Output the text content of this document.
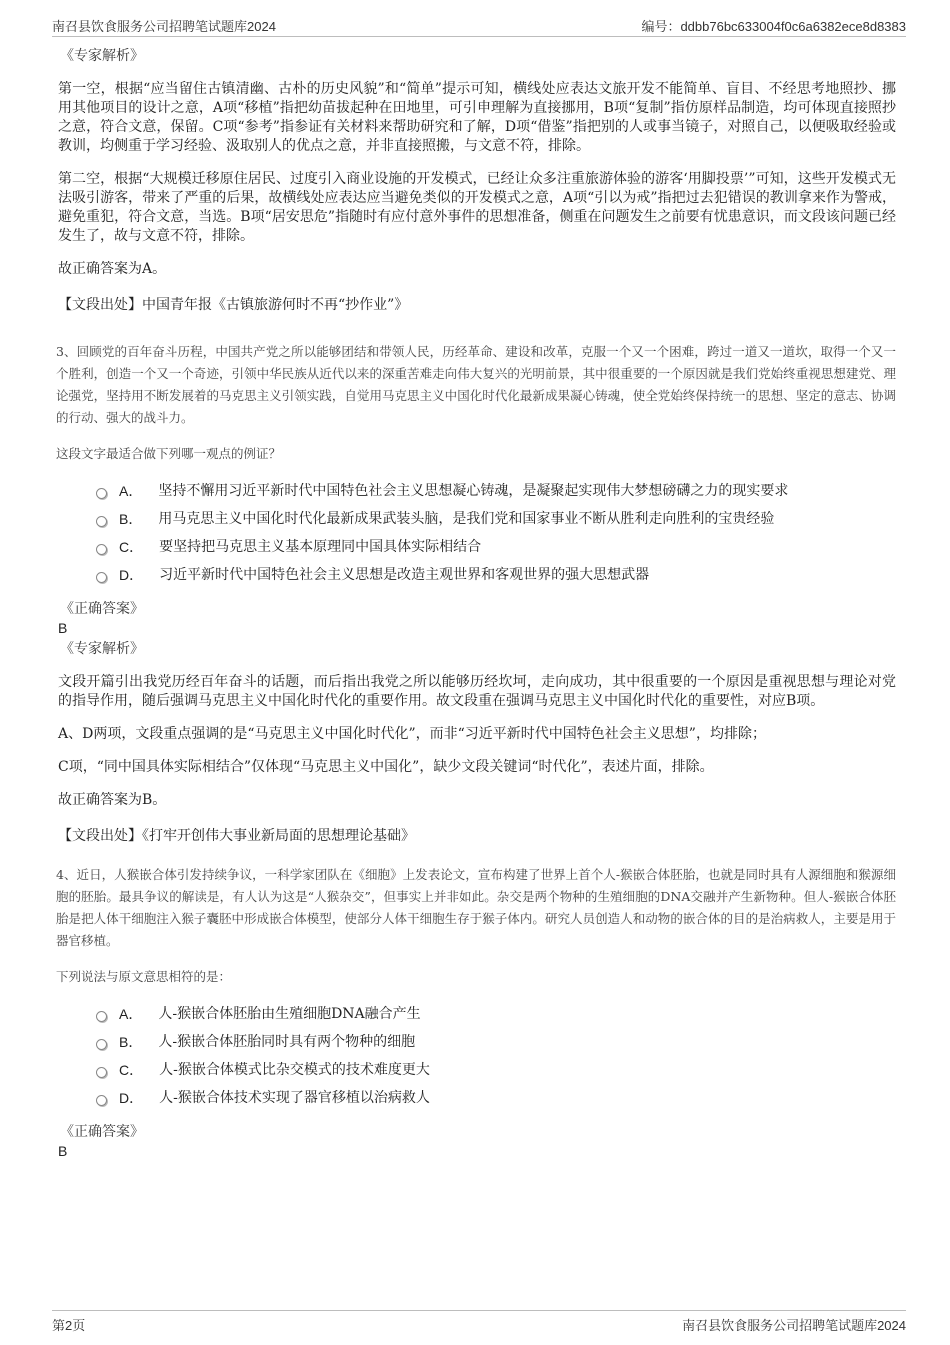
南召县饮食服务公司招聘笔试题库2024	编号：ddbb76bc633004f0c6a6382ece8d8383
《专家解析》

第一空，根据“应当留住古镇清幽、古朴的历史风貌”和“简单”提示可知，横线处应表达文旅开发不能简单、盲目、不经思考地照抄、挪用其他项目的设计之意，A项“移植”指把幼苗拔起种在田地里，可引申理解为直接挪用，B项“复制”指仿原样品制造，均可体现直接照抄之意，符合文意，保留。C项“参考”指参证有关材料来帮助研究和了解，D项“借鉴”指把别的人或事当镜子，对照自己，以便吸取经验或教训，均侧重于学习经验、汲取别人的优点之意，并非直接照搬，与文意不符，排除。

第二空，根据“大规模迁移原住居民、过度引入商业设施的开发模式，已经让众多注重旅游体验的游客‘用脚投票’”可知，这些开发模式无法吸引游客，带来了严重的后果，故横线处应表达应当避免类似的开发模式之意，A项“引以为戒”指把过去犯错误的教训拿来作为警戒，避免重犯，符合文意，当选。B项“居安思危”指随时有应付意外事件的思想准备，侧重在问题发生之前要有忧患意识，而文段该问题已经发生了，故与文意不符，排除。

故正确答案为A。

【文段出处】中国青年报《古镇旅游何时不再“抄作业”》

3、回顾党的百年奋斗历程，中国共产党之所以能够团结和带领人民，历经革命、建设和改革，克服一个又一个困难，跨过一道又一道坎，取得一个又一个胜利，创造一个又一个奇迹，引领中华民族从近代以来的深重苦难走向伟大复兴的光明前景，其中很重要的一个原因就是我们党始终重视思想建党、理论强党，坚持用不断发展着的马克思主义引领实践，自觉用马克思主义中国化时代化最新成果凝心铸魂，使全党始终保持统一的思想、坚定的意志、协调的行动、强大的战斗力。

这段文字最适合做下列哪一观点的例证？

A． 坚持不懈用习近平新时代中国特色社会主义思想凝心铸魂，是凝聚起实现伟大梦想磅礴之力的现实要求
B． 用马克思主义中国化时代化最新成果武装头脑，是我们党和国家事业不断从胜利走向胜利的宝贵经验
C． 要坚持把马克思主义基本原理同中国具体实际相结合
D． 习近平新时代中国特色社会主义思想是改造主观世界和客观世界的强大思想武器
《正确答案》
B
《专家解析》

文段开篇引出我党历经百年奋斗的话题，而后指出我党之所以能够历经坎坷，走向成功，其中很重要的一个原因是重视思想与理论对党的指导作用，随后强调马克思主义中国化时代化的重要作用。故文段重在强调马克思主义中国化时代化的重要性，对应B项。

A、D两项，文段重点强调的是“马克思主义中国化时代化”，而非“习近平新时代中国特色社会主义思想”，均排除；

C项，“同中国具体实际相结合”仅体现“马克思主义中国化”，缺少文段关键词“时代化”，表述片面，排除。

故正确答案为B。

【文段出处】《打牢开创伟大事业新局面的思想理论基础》

4、近日，人猴嵌合体引发持续争议，一科学家团队在《细胞》上发表论文，宣布构建了世界上首个人-猴嵌合体胚胎，也就是同时具有人源细胞和猴源细胞的胚胎。最具争议的解读是，有人认为这是“人猴杂交”，但事实上并非如此。杂交是两个物种的生殖细胞的DNA交融并产生新物种。但人-猴嵌合体胚胎是把人体干细胞注入猴子囊胚中形成嵌合体模型，使部分人体干细胞生存于猴子体内。研究人员创造人和动物的嵌合体的目的是治病救人，主要是用于器官移植。

下列说法与原文意思相符的是：

A． 人-猴嵌合体胚胎由生殖细胞DNA融合产生
B． 人-猴嵌合体胚胎同时具有两个物种的细胞
C． 人-猴嵌合体模式比杂交模式的技术难度更大
D． 人-猴嵌合体技术实现了器官移植以治病救人
《正确答案》
B
第2页	南召县饮食服务公司招聘笔试题库2024
